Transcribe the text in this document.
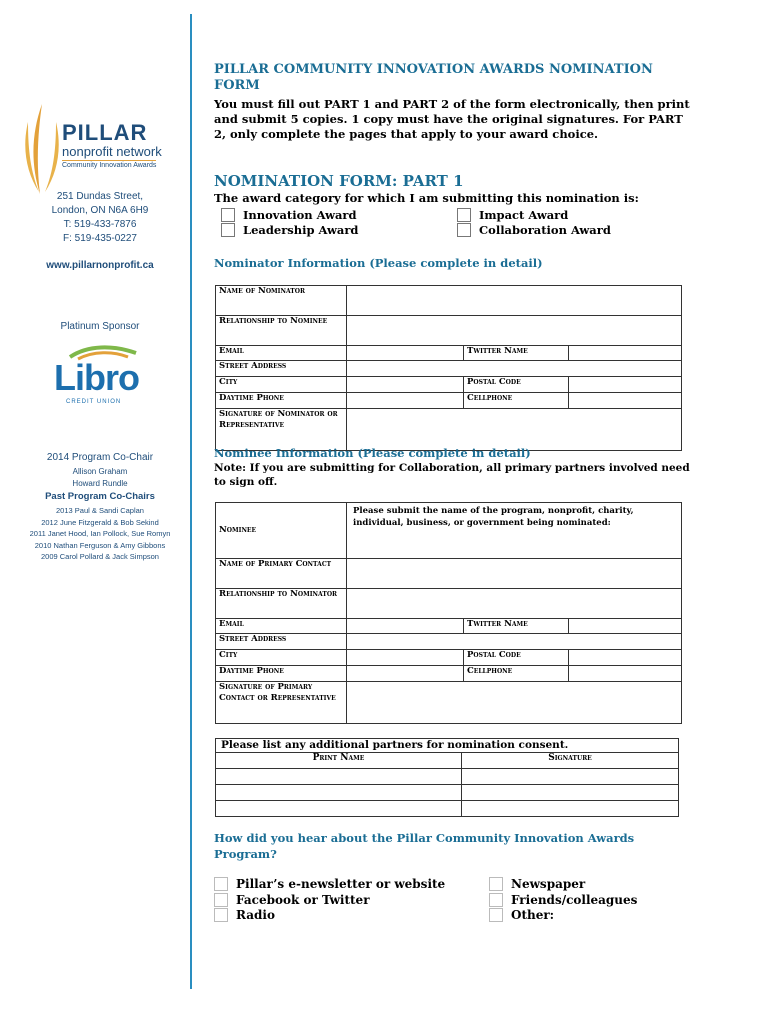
PILLAR
nonprofit network
Community Innovation Awards
251 Dundas Street,
London, ON N6A 6H9
T: 519-433-7876
F: 519-435-0227
www.pillarnonprofit.ca
Platinum Sponsor
Libro
CREDIT UNION
2014 Program Co-Chair
Allison Graham
Howard Rundle
Past Program Co-Chairs
2013 Paul & Sandi Caplan
2012 June Fitzgerald & Bob Sekind
2011 Janet Hood, Ian Pollock, Sue Romyn
2010 Nathan Ferguson & Amy Gibbons
2009 Carol Pollard & Jack Simpson
PILLAR COMMUNITY INNOVATION AWARDS NOMINATION FORM
You must fill out PART 1 and PART 2 of the form electronically, then print and submit 5 copies. 1 copy must have the original signatures. For PART 2, only complete the pages that apply to your award choice.
NOMINATION FORM: PART 1
The award category for which I am submitting this nomination is:
Innovation Award	Impact Award
Leadership Award	Collaboration Award
Nominator Information (Please complete in detail)
Name of Nominator			
Relationship to Nominee			
Email		Twitter Name	
Street Address			
City		Postal Code	
Daytime Phone		Cellphone	
Signature of Nominator or Representative			
Nominee Information (Please complete in detail)
Note: If you are submitting for Collaboration, all primary partners involved need to sign off.
Nominee	Please submit the name of the program, nonprofit, charity, individual, business, or government being nominated:		

Name of Primary Contact			
Relationship to Nominator			
Email		Twitter Name	
Street Address			
City		Postal Code	
Daytime Phone		Cellphone	
Signature of Primary Contact or Representative			
Please list any additional partners for nomination consent.	
Print Name	Signature

How did you hear about the Pillar Community Innovation Awards Program?
Pillar’s e-newsletter or website	Newspaper
Facebook or Twitter	Friends/colleagues
Radio	Other:
